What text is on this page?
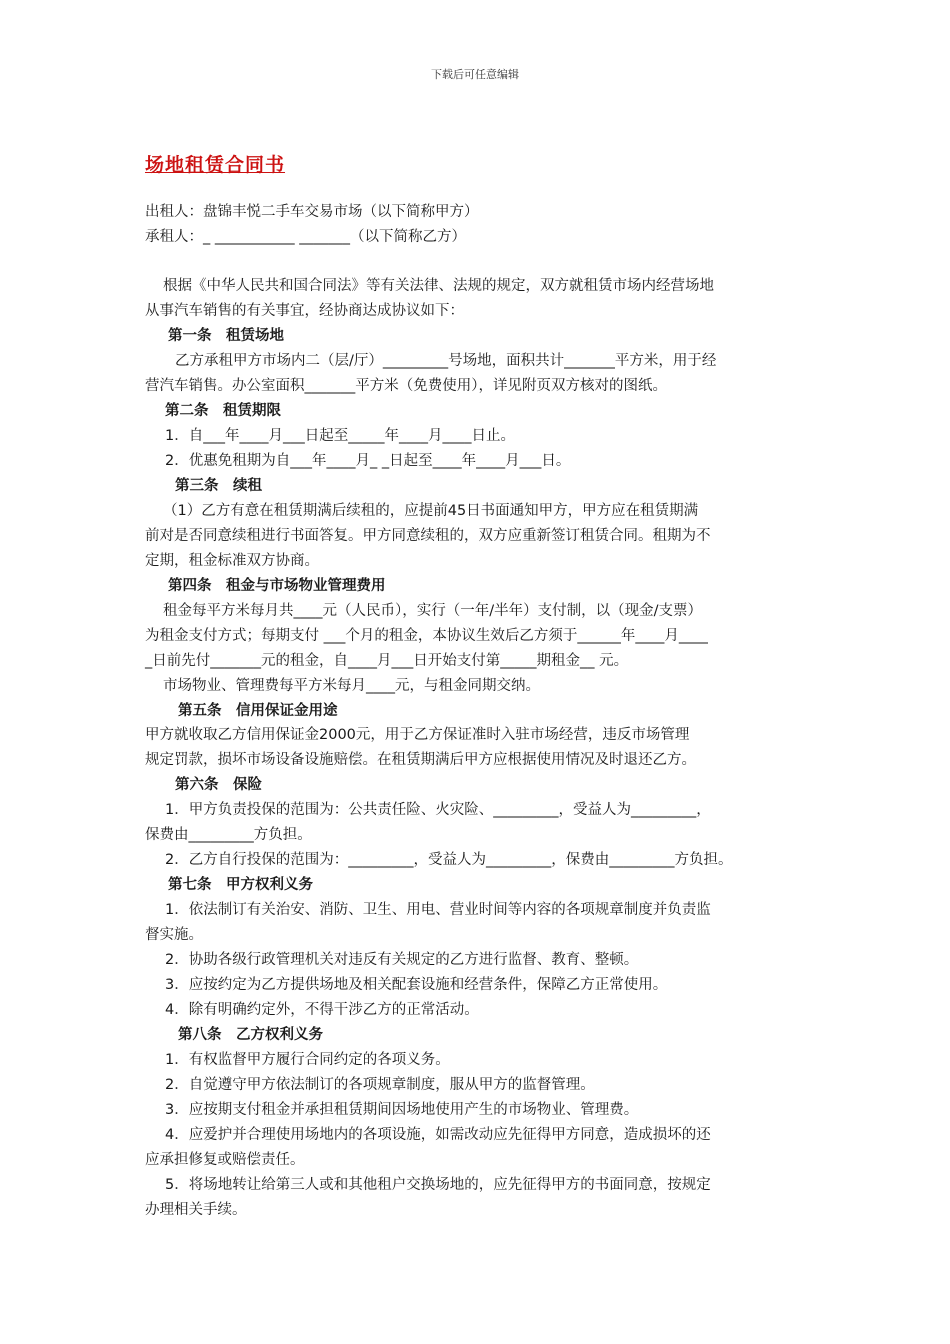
下载后可任意编辑
场地租赁合同书
出租人：盘锦丰悦二手车交易市场（以下简称甲方）
承租人：_ ___________ _______（以下简称乙方）
根据《中华人民共和国合同法》等有关法律、法规的规定，双方就租赁市场内经营场地
从事汽车销售的有关事宜，经协商达成协议如下：
第一条　租赁场地
乙方承租甲方市场内二（层/厅）_________号场地，面积共计_______平方米，用于经
营汽车销售。办公室面积_______平方米（免费使用），详见附页双方核对的图纸。
第二条　租赁期限
1．自___年____月___日起至_____年____月____日止。
2．优惠免租期为自___年____月_ _日起至____年____月___日。
第三条　续租
（1）乙方有意在租赁期满后续租的，应提前45日书面通知甲方，甲方应在租赁期满
前对是否同意续租进行书面答复。甲方同意续租的，双方应重新签订租赁合同。租期为不
定期，租金标准双方协商。
第四条　租金与市场物业管理费用
租金每平方米每月共____元（人民币），实行（一年/半年）支付制，以（现金/支票）
为租金支付方式；每期支付 ___个月的租金，本协议生效后乙方须于______年____月____
_日前先付_______元的租金，自____月___日开始支付第_____期租金__ 元。
市场物业、管理费每平方米每月____元，与租金同期交纳。
第五条　信用保证金用途
甲方就收取乙方信用保证金2000元，用于乙方保证准时入驻市场经营，违反市场管理
规定罚款，损坏市场设备设施赔偿。在租赁期满后甲方应根据使用情况及时退还乙方。
第六条　保险
1．甲方负责投保的范围为：公共责任险、火灾险、_________，受益人为_________，
保费由_________方负担。
2．乙方自行投保的范围为：_________，受益人为_________，保费由_________方负担。
第七条　甲方权利义务
1．依法制订有关治安、消防、卫生、用电、营业时间等内容的各项规章制度并负责监
督实施。
2．协助各级行政管理机关对违反有关规定的乙方进行监督、教育、整顿。
3．应按约定为乙方提供场地及相关配套设施和经营条件，保障乙方正常使用。
4．除有明确约定外，不得干涉乙方的正常活动。
第八条　乙方权利义务
1．有权监督甲方履行合同约定的各项义务。
2．自觉遵守甲方依法制订的各项规章制度，服从甲方的监督管理。
3．应按期支付租金并承担租赁期间因场地使用产生的市场物业、管理费。
4．应爱护并合理使用场地内的各项设施，如需改动应先征得甲方同意，造成损坏的还
应承担修复或赔偿责任。
5．将场地转让给第三人或和其他租户交换场地的，应先征得甲方的书面同意，按规定
办理相关手续。
